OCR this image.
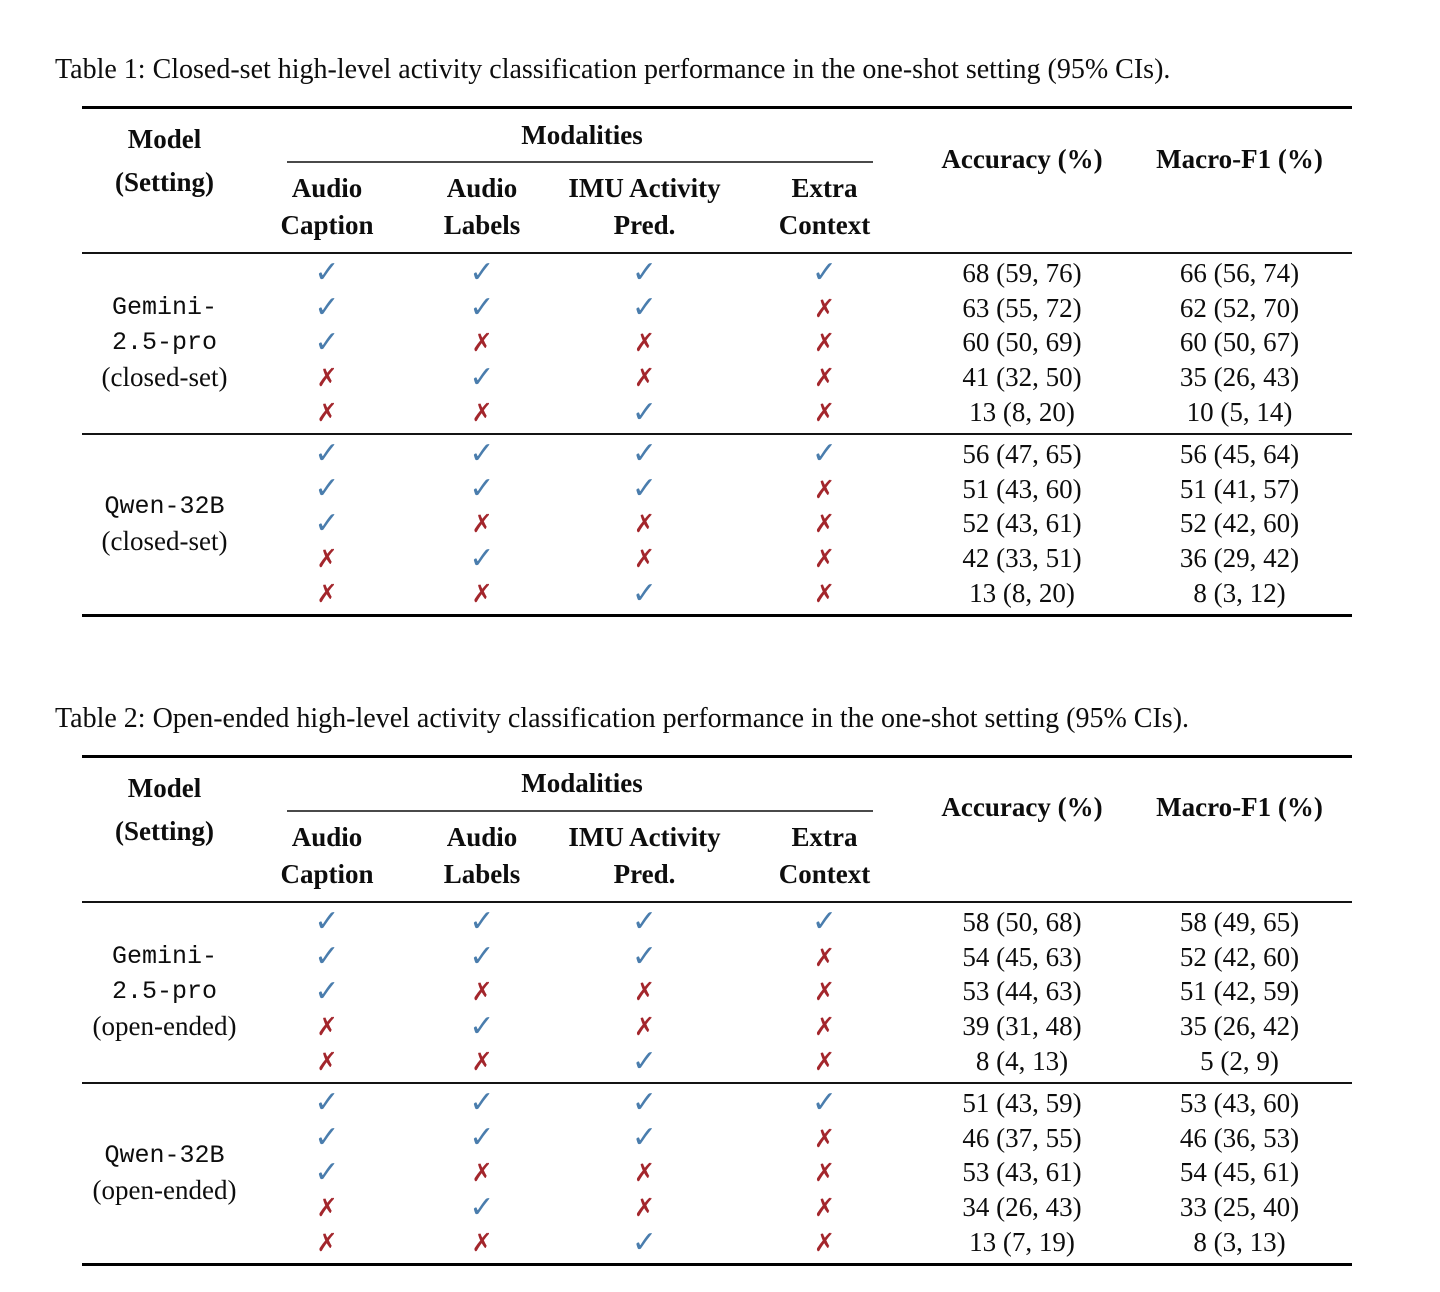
Table 1: Closed-set high-level activity classification performance in the one-shot setting (95% CIs).

Model
(Setting)
Modalities
Audio
Caption
Audio
Labels
IMU Activity
Pred.
Extra
Context
Accuracy (%)	Macro-F1 (%)
Gemini-
2.5-pro
(closed-set)
✓	✓	✓	✓	68 (59, 76)	66 (56, 74)
✓	✓	✓	✗	63 (55, 72)	62 (52, 70)
✓	✗	✗	✗	60 (50, 69)	60 (50, 67)
✗	✓	✗	✗	41 (32, 50)	35 (26, 43)
✗	✗	✓	✗	13 (8, 20)	10 (5, 14)
Qwen-32B
(closed-set)
✓	✓	✓	✓	56 (47, 65)	56 (45, 64)
✓	✓	✓	✗	51 (43, 60)	51 (41, 57)
✓	✗	✗	✗	52 (43, 61)	52 (42, 60)
✗	✓	✗	✗	42 (33, 51)	36 (29, 42)
✗	✗	✓	✗	13 (8, 20)	8 (3, 12)

Table 2: Open-ended high-level activity classification performance in the one-shot setting (95% CIs).

Model
(Setting)
Modalities
Audio
Caption
Audio
Labels
IMU Activity
Pred.
Extra
Context
Accuracy (%)	Macro-F1 (%)
Gemini-
2.5-pro
(open-ended)
✓	✓	✓	✓	58 (50, 68)	58 (49, 65)
✓	✓	✓	✗	54 (45, 63)	52 (42, 60)
✓	✗	✗	✗	53 (44, 63)	51 (42, 59)
✗	✓	✗	✗	39 (31, 48)	35 (26, 42)
✗	✗	✓	✗	8 (4, 13)	5 (2, 9)
Qwen-32B
(open-ended)
✓	✓	✓	✓	51 (43, 59)	53 (43, 60)
✓	✓	✓	✗	46 (37, 55)	46 (36, 53)
✓	✗	✗	✗	53 (43, 61)	54 (45, 61)
✗	✓	✗	✗	34 (26, 43)	33 (25, 40)
✗	✗	✓	✗	13 (7, 19)	8 (3, 13)
